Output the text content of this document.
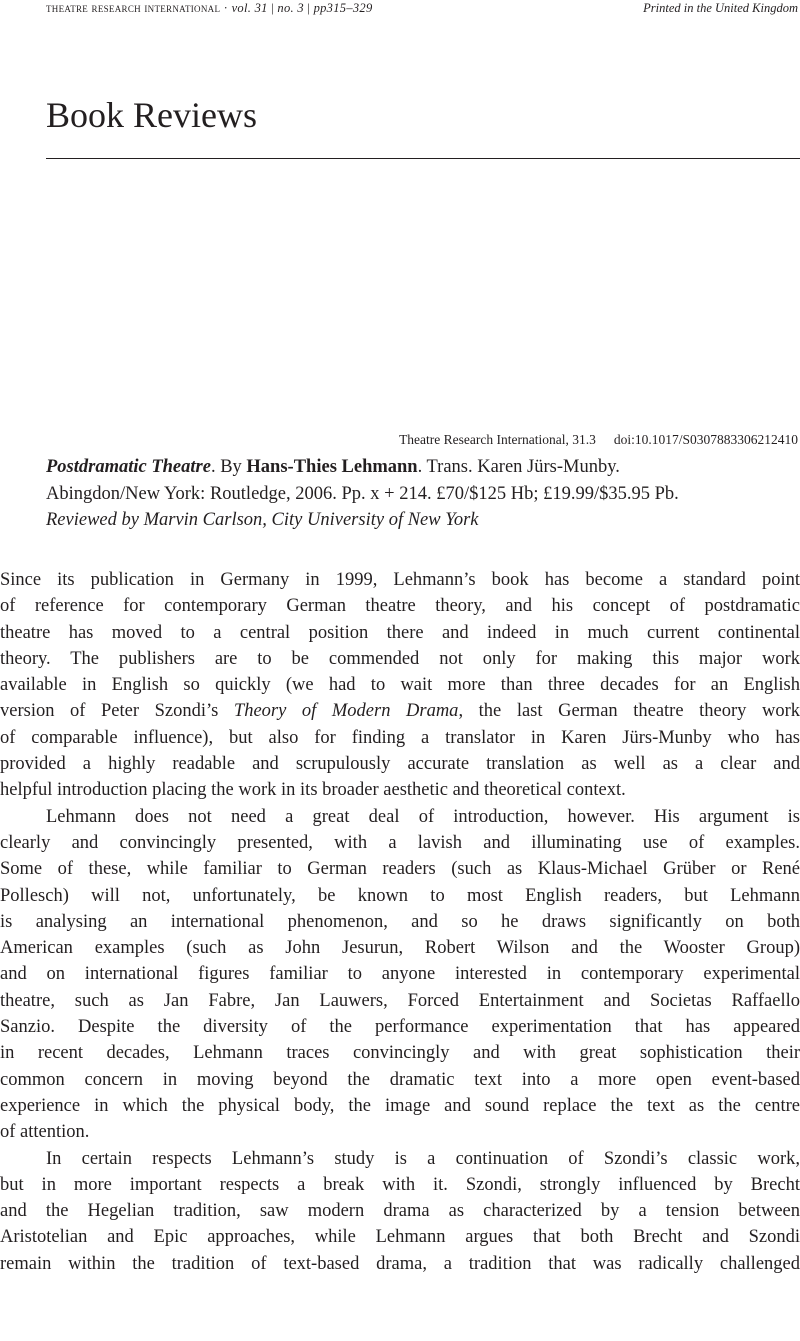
theatre research international · vol. 31 | no. 3 | pp315–329	Printed in the United Kingdom
Book Reviews
Theatre Research International, 31.3 doi:10.1017/S0307883306212410
Postdramatic Theatre. By Hans-Thies Lehmann. Trans. Karen Jürs-Munby.
Abingdon/New York: Routledge, 2006. Pp. x + 214. £70/$125 Hb; £19.99/$35.95 Pb.
Reviewed by Marvin Carlson, City University of New York
Since its publication in Germany in 1999, Lehmann’s book has become a standard point
of reference for contemporary German theatre theory, and his concept of postdramatic
theatre has moved to a central position there and indeed in much current continental
theory. The publishers are to be commended not only for making this major work
available in English so quickly (we had to wait more than three decades for an English
version of Peter Szondi’s Theory of Modern Drama, the last German theatre theory work
of comparable influence), but also for finding a translator in Karen Jürs-Munby who has
provided a highly readable and scrupulously accurate translation as well as a clear and
helpful introduction placing the work in its broader aesthetic and theoretical context.
Lehmann does not need a great deal of introduction, however. His argument is
clearly and convincingly presented, with a lavish and illuminating use of examples.
Some of these, while familiar to German readers (such as Klaus-Michael Grüber or René
Pollesch) will not, unfortunately, be known to most English readers, but Lehmann
is analysing an international phenomenon, and so he draws significantly on both
American examples (such as John Jesurun, Robert Wilson and the Wooster Group)
and on international figures familiar to anyone interested in contemporary experimental
theatre, such as Jan Fabre, Jan Lauwers, Forced Entertainment and Societas Raffaello
Sanzio. Despite the diversity of the performance experimentation that has appeared
in recent decades, Lehmann traces convincingly and with great sophistication their
common concern in moving beyond the dramatic text into a more open event-based
experience in which the physical body, the image and sound replace the text as the centre
of attention.
In certain respects Lehmann’s study is a continuation of Szondi’s classic work,
but in more important respects a break with it. Szondi, strongly influenced by Brecht
and the Hegelian tradition, saw modern drama as characterized by a tension between
Aristotelian and Epic approaches, while Lehmann argues that both Brecht and Szondi
remain within the tradition of text-based drama, a tradition that was radically challenged
